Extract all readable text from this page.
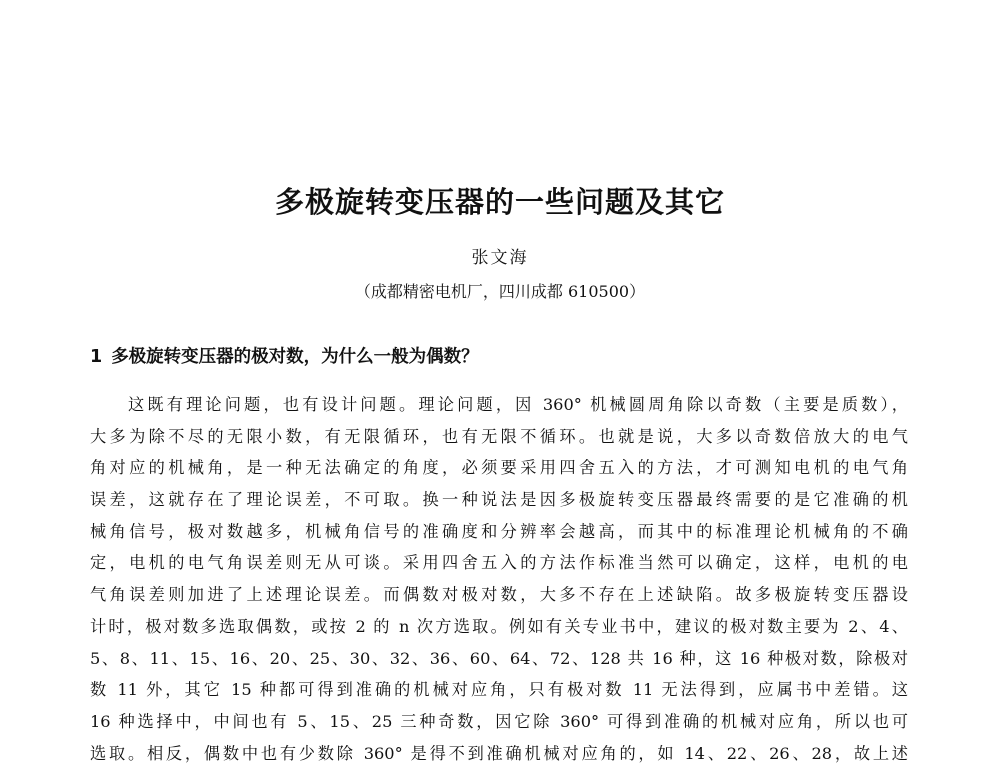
多极旋转变压器的一些问题及其它
张文海
（成都精密电机厂，四川成都 610500）
1 多极旋转变压器的极对数，为什么一般为偶数？
这既有理论问题，也有设计问题。理论问题，因 360° 机械圆周角除以奇数（主要是质数），
大多为除不尽的无限小数，有无限循环，也有无限不循环。也就是说，大多以奇数倍放大的电气
角对应的机械角，是一种无法确定的角度，必须要采用四舍五入的方法，才可测知电机的电气角
误差，这就存在了理论误差，不可取。换一种说法是因多极旋转变压器最终需要的是它准确的机
械角信号，极对数越多，机械角信号的准确度和分辨率会越高，而其中的标准理论机械角的不确
定，电机的电气角误差则无从可谈。采用四舍五入的方法作标准当然可以确定，这样，电机的电
气角误差则加进了上述理论误差。而偶数对极对数，大多不存在上述缺陷。故多极旋转变压器设
计时，极对数多选取偶数，或按 2 的 n 次方选取。例如有关专业书中，建议的极对数主要为 2、4、
5、8、11、15、16、20、25、30、32、36、60、64、72、128 共 16 种，这 16 种极对数，除极对
数 11 外，其它 15 种都可得到准确的机械对应角，只有极对数 11 无法得到，应属书中差错。这
16 种选择中，中间也有 5、15、25 三种奇数，因它除 360° 可得到准确的机械对应角，所以也可
选取。相反，偶数中也有少数除 360° 是得不到准确机械对应角的，如 14、22、26、28，故上述
